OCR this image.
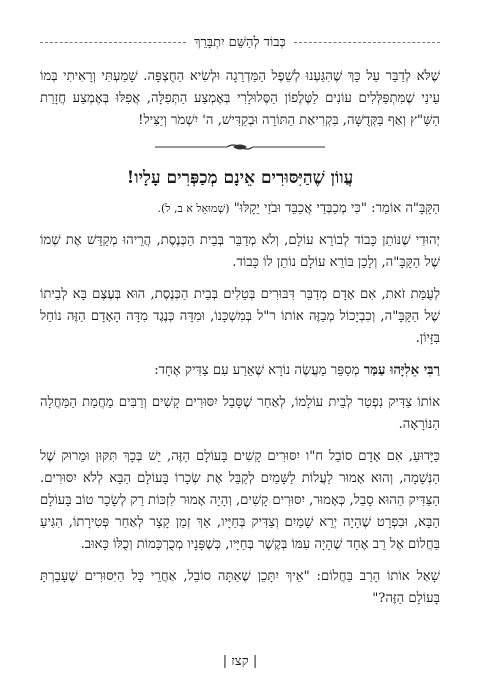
כְּבוֹד לְהַשֵּׁם יִתְבָּרֵךְ

שֶׁלֹּא לְדַבֵּר עַל כָּךְ שֶׁהִגַּעְנוּ לְשֵׁפֶל הַמַּדְרֵגָה וּלְשִׂיא הַחֻצְפָּה. שָׁמַעְתִּי וְרָאִיתִי בְּמוֹ עֵינַי שֶׁמִּתְפַּלְּלִים עוֹנִים לַטֶּלֶפוֹן הַסֶּלוּלָרִי בְּאֶמְצַע הַתְּפִלָּה, אֲפִלּוּ בְּאֶמְצַע חֲזָרַת הַשַּׁ"ץ וְאַף בַּקְּדֻשָּׁה, בִּקְרִיאַת הַתּוֹרָה וּבְקַדִּישׁ, ה' יִשְׁמֹר וְיַצִּיל!

עֲווֹן שֶׁהַיִּסּוּרִים אֵינָם מְכַפְּרִים עָלָיו!

הַקָּבָּ"ה אוֹמֵר: "כִּי מְכַבְּדַי אֲכַבֵּד וּבֹזַי יֵקָלּוּ" (שְׁמוּאֵל א ב, ל).

יְהוּדִי שֶׁנּוֹתֵן כָּבוֹד לְבוֹרֵא עוֹלָם, וְלֹא מְדַבֵּר בְּבֵית הַכְּנֶסֶת, הֲרֵיהוּ מְקַדֵּשׁ אֶת שְׁמוֹ שֶׁל הַקָּבָּ"ה, וְלָכֵן בּוֹרֵא עוֹלָם נוֹתֵן לוֹ כָּבוֹד.

לְעֻמַּת זֹאת, אִם אָדָם מְדַבֵּר דִּבּוּרִים בְּטֵלִים בְּבֵית הַכְּנֶסֶת, הוּא בְּעֶצֶם בָּא לְבֵיתוֹ שֶׁל הַקָּבָּ"ה, וְכִבְיָכוֹל מְבַזֶּה אוֹתוֹ ר"ל בְּמִשְׁכָּנוֹ, וּמִדָּה כְּנֶגֶד מִדָּה הָאָדָם הַזֶּה נוֹחֵל בִּזָּיוֹן.

רַבִּי אֵלִיָּהוּ עַמַּר מְסַפֵּר מַעֲשֶׂה נוֹרָא שֶׁאֵרַע עִם צַדִּיק אֶחָד:

אוֹתוֹ צַדִּיק נִפְטַר לְבֵית עוֹלָמוֹ, לְאַחַר שֶׁסָּבַל יִסּוּרִים קָשִׁים וְרַבִּים מֵחֲמַת הַמַּחֲלָה הַנּוֹרָאָה.

כַּיָּדוּעַ, אִם אָדָם סוֹבֵל ח"ו יִסּוּרִים קָשִׁים בָּעוֹלָם הַזֶּה, יֵשׁ בְּכָךְ תִּקּוּן וּמֵרוּק שֶׁל הַנְּשָׁמָה, וְהוּא אָמוּר לַעֲלוֹת לַשָּׁמַיִם לְקַבֵּל אֶת שְׂכָרוֹ בָּעוֹלָם הַבָּא לְלֹא יִסּוּרִים. הַצַּדִּיק הַהוּא סָבַל, כְּאָמוּר, יִסּוּרִים קָשִׁים, וְהָיָה אָמוּר לִזְכּוֹת רַק לְשָׂכָר טוֹב בָּעוֹלָם הַבָּא, וּבִפְרָט שֶׁהָיָה יְרֵא שָׁמַיִם וְצַדִּיק בְּחַיָּיו, אַךְ זְמַן קָצָר לְאַחַר פְּטִירָתוֹ, הִגִּיעַ בַּחֲלוֹם אֶל רַב אֶחָד שֶׁהָיָה עִמּוֹ בְּקֶשֶׁר בְּחַיָּיו, כְּשֶׁפָּנָיו מְכֻרְכָּמוֹת וְכֻלּוֹ כָּאוּב.

שָׁאַל אוֹתוֹ הָרַב בַּחֲלוֹם: "אֵיךְ יִתָּכֵן שֶׁאַתָּה סוֹבֵל, אַחֲרֵי כָּל הַיִּסּוּרִים שֶׁעָבַרְתָּ בָּעוֹלָם הַזֶּה?"

| קצז |
